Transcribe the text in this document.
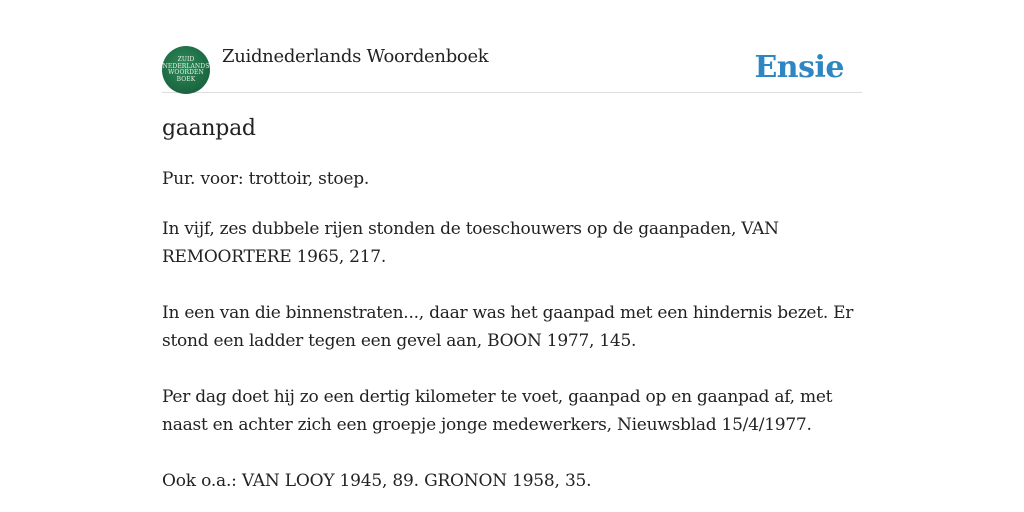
ZUID
NEDERLANDS
WOORDEN
BOEK
Zuidnederlands Woordenboek	Ensie
gaanpad
Pur. voor: trottoir, stoep.
In vijf, zes dubbele rijen stonden de toeschouwers op de gaanpaden, VAN REMOORTERE 1965, 217.
In een van die binnenstraten..., daar was het gaanpad met een hindernis bezet. Er stond een ladder tegen een gevel aan, BOON 1977, 145.
Per dag doet hij zo een dertig kilometer te voet, gaanpad op en gaanpad af, met naast en achter zich een groepje jonge medewerkers, Nieuwsblad 15/4/1977.
Ook o.a.: VAN LOOY 1945, 89. GRONON 1958, 35.
